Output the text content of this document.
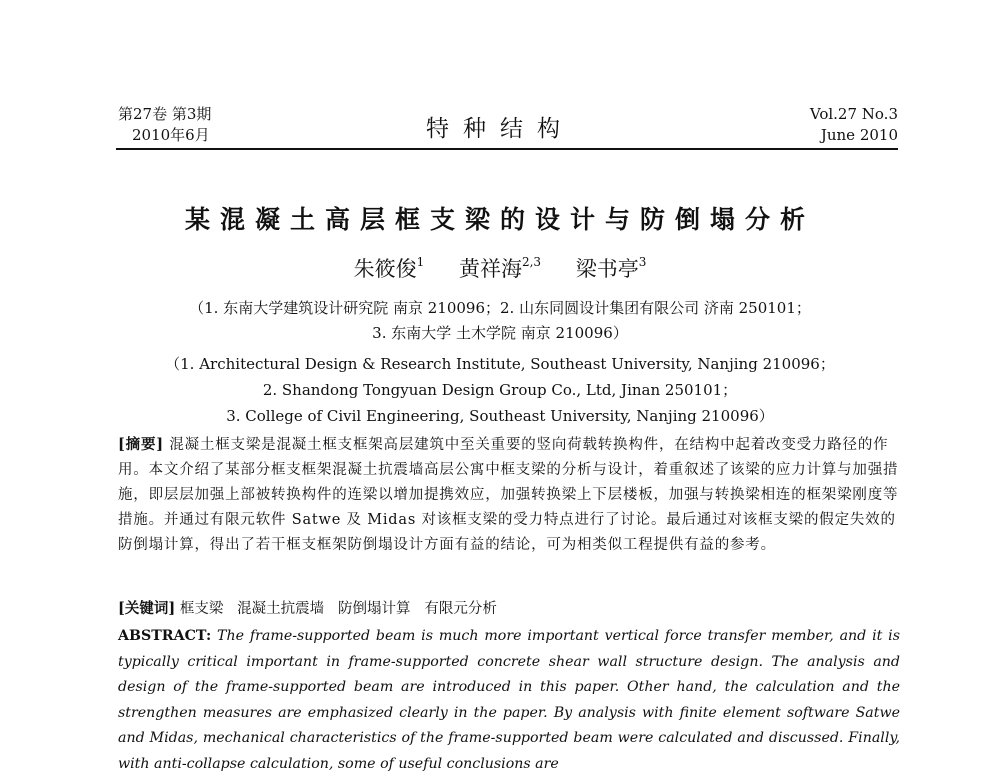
第27卷 第3期
2010年6月	特种结构
Vol.27 No.3
June 2010
某混凝土高层框支梁的设计与防倒塌分析
朱筱俊$^1$ 黄祥海$^{2,3}$ 梁书亭$^3$
（1. 东南大学建筑设计研究院 南京 210096；2. 山东同圆设计集团有限公司 济南 250101；
3. 东南大学 土木学院 南京 210096）
（1. Architectural Design & Research Institute, Southeast University, Nanjing 210096；
2. Shandong Tongyuan Design Group Co., Ltd, Jinan 250101；
3. College of Civil Engineering, Southeast University, Nanjing 210096）
[摘要] 混凝土框支梁是混凝土框支框架高层建筑中至关重要的竖向荷载转换构件，在结构中起着改变受力路径的作用。本文介绍了某部分框支框架混凝土抗震墙高层公寓中框支梁的分析与设计，着重叙述了该梁的应力计算与加强措施，即层层加强上部被转换构件的连梁以增加提携效应，加强转换梁上下层楼板，加强与转换梁相连的框架梁刚度等措施。并通过有限元软件 Satwe 及 Midas 对该框支梁的受力特点进行了讨论。最后通过对该框支梁的假定失效的防倒塌计算，得出了若干框支框架防倒塌设计方面有益的结论，可为相类似工程提供有益的参考。
[关键词] 框支梁 混凝土抗震墙 防倒塌计算 有限元分析
ABSTRACT: The frame-supported beam is much more important vertical force transfer member, and it is typically critical important in frame-supported concrete shear wall structure design. The analysis and design of the frame-supported beam are introduced in this paper. Other hand, the calculation and the strengthen measures are emphasized clearly in the paper. By analysis with finite element software Satwe and Midas, mechanical characteristics of the frame-supported beam were calculated and discussed. Finally, with anti-collapse calculation, some of useful conclusions are
